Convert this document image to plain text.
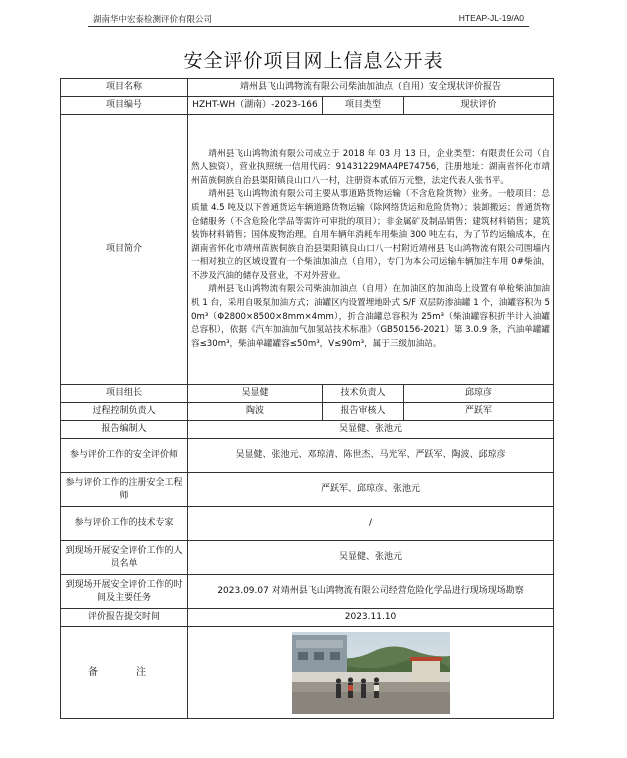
湖南华中宏泰检测评价有限公司	HTEAP-JL-19/A0
安全评价项目网上信息公开表
项目名称	靖州县飞山鸿物流有限公司柴油加油点（自用）安全现状评价报告		
项目编号	HZHT-WH（湖南）-2023-166	项目类型	现状评价
项目简介	靖州县飞山鸿物流有限公司成立于 2018 年 03 月 13 日，企业类型：有限责任公司（自然人独资），营业执照统一信用代码：91431229MA4PE74756，注册地址：湖南省怀化市靖州苗族侗族自治县渠阳镇良山口八一村，注册资本贰佰万元整，法定代表人张书平。

靖州县飞山鸿物流有限公司主要从事道路货物运输（不含危险货物）业务。一般项目：总质量 4.5 吨及以下普通货运车辆道路货物运输（除网络货运和危险货物）；装卸搬运；普通货物仓储服务（不含危险化学品等需许可审批的项目）；非金属矿及制品销售；建筑材料销售；建筑装饰材料销售；国体废物治理。自用车辆年消耗车用柴油 300 吨左右，为了节约运输成本，在湖南省怀化市靖州苗族侗族自治县渠阳镇良山口八一村附近靖州县飞山鸿物流有限公司围墙内一相对独立的区域设置有一个柴油加油点（自用），专门为本公司运输车辆加注车用 0#柴油，不涉及汽油的储存及营业，不对外营业。

靖州县飞山鸿物流有限公司柴油加油点（自用）在加油区的加油岛上设置有单枪柴油加油机 1 台，采用自吸泵加油方式；油罐区内设置埋地卧式 S/F 双层防渗油罐 1 个，油罐容积为 50m³（Φ2800×8500×8mm×4mm），折合油罐总容积为 25m³（柴油罐容积折半计入油罐总容积），依据《汽车加油加气加氢站技术标准》（GB50156-2021）第 3.0.9 条，汽油单罐罐容≤30m³，柴油单罐罐容≤50m³，V≤90m³，属于三级加油站。		

项目组长	吴显健	技术负责人	邱琼彦
过程控制负责人	陶波	报告审核人	严跃军
报告编制人	吴显健、张池元		
参与评价工作的安全评价师	吴显健、张池元、邓琼清、陈世杰、马光军、严跃军、陶波、邱琼彦		
参与评价工作的注册安全工程师	严跃军、邱琼彦、张池元		
参与评价工作的技术专家	/		
到现场开展安全评价工作的人员名单	吴显健、张池元		
到现场开展安全评价工作的时间及主要任务	2023.09.07 对靖州县飞山鸿物流有限公司经营危险化学品进行现场现场勘察		
评价报告提交时间	2023.11.10		
备　注	
